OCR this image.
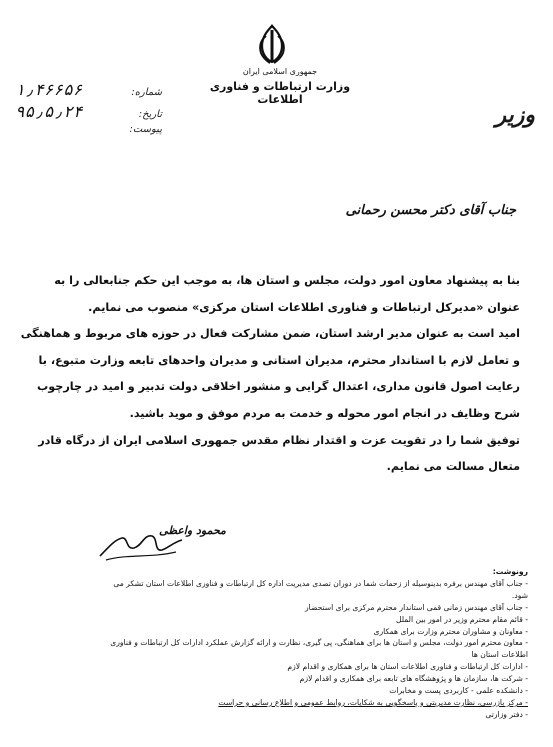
جمهوری اسلامی ایران
وزارت ارتباطات و فناوری اطلاعات
وزیر
شماره:
۱٫۴۶۶۵۶
تاریخ:
۹۵٫۵٫۲۴
پیوست:
جناب آقای دکتر محسن رحمانی

بنا به پیشنهاد معاون امور دولت، مجلس و استان ها، به موجب این حکم جنابعالی را به عنوان «مدیرکل ارتباطات و فناوری اطلاعات استان مرکزی» منصوب می نمایم.

امید است به عنوان مدیر ارشد استان، ضمن مشارکت فعال در حوزه های مربوط و هماهنگی و تعامل لازم با استاندار محترم، مدیران استانی و مدیران واحدهای تابعه وزارت متبوع، با رعایت اصول قانون مداری، اعتدال گرایی و منشور اخلاقی دولت تدبیر و امید در چارچوب شرح وظایف در انجام امور محوله و خدمت به مردم موفق و موید باشید.

توفیق شما را در تقویت عزت و اقتدار نظام مقدس جمهوری اسلامی ایران از درگاه قادر متعال مسالت می نمایم.

محمود واعظی
رونوشت:
- جناب آقای مهندس برفره بدینوسیله از زحمات شما در دوران تصدی مدیریت اداره کل ارتباطات و فناوری اطلاعات استان تشکر می شود.
- جناب آقای مهندس زمانی قمی استاندار محترم مرکزی برای استحضار
- قائم مقام محترم وزیر در امور بین الملل
- معاونان و مشاوران محترم وزارت برای همکاری
- معاون محترم امور دولت، مجلس و استان ها برای هماهنگی، پی گیری، نظارت و ارائه گزارش عملکرد ادارات کل ارتباطات و فناوری اطلاعات استان ها
- ادارات کل ارتباطات و فناوری اطلاعات استان ها برای همکاری و اقدام لازم
- شرکت ها، سازمان ها و پژوهشگاه های تابعه برای همکاری و اقدام لازم
- دانشکده علمی - کاربردی پست و مخابرات
- مرکز بازرسی، نظارت مدیریتی و پاسخگویی به شکایات، روابط عمومی و اطلاع رسانی و حراست
- دفتر وزارتی
